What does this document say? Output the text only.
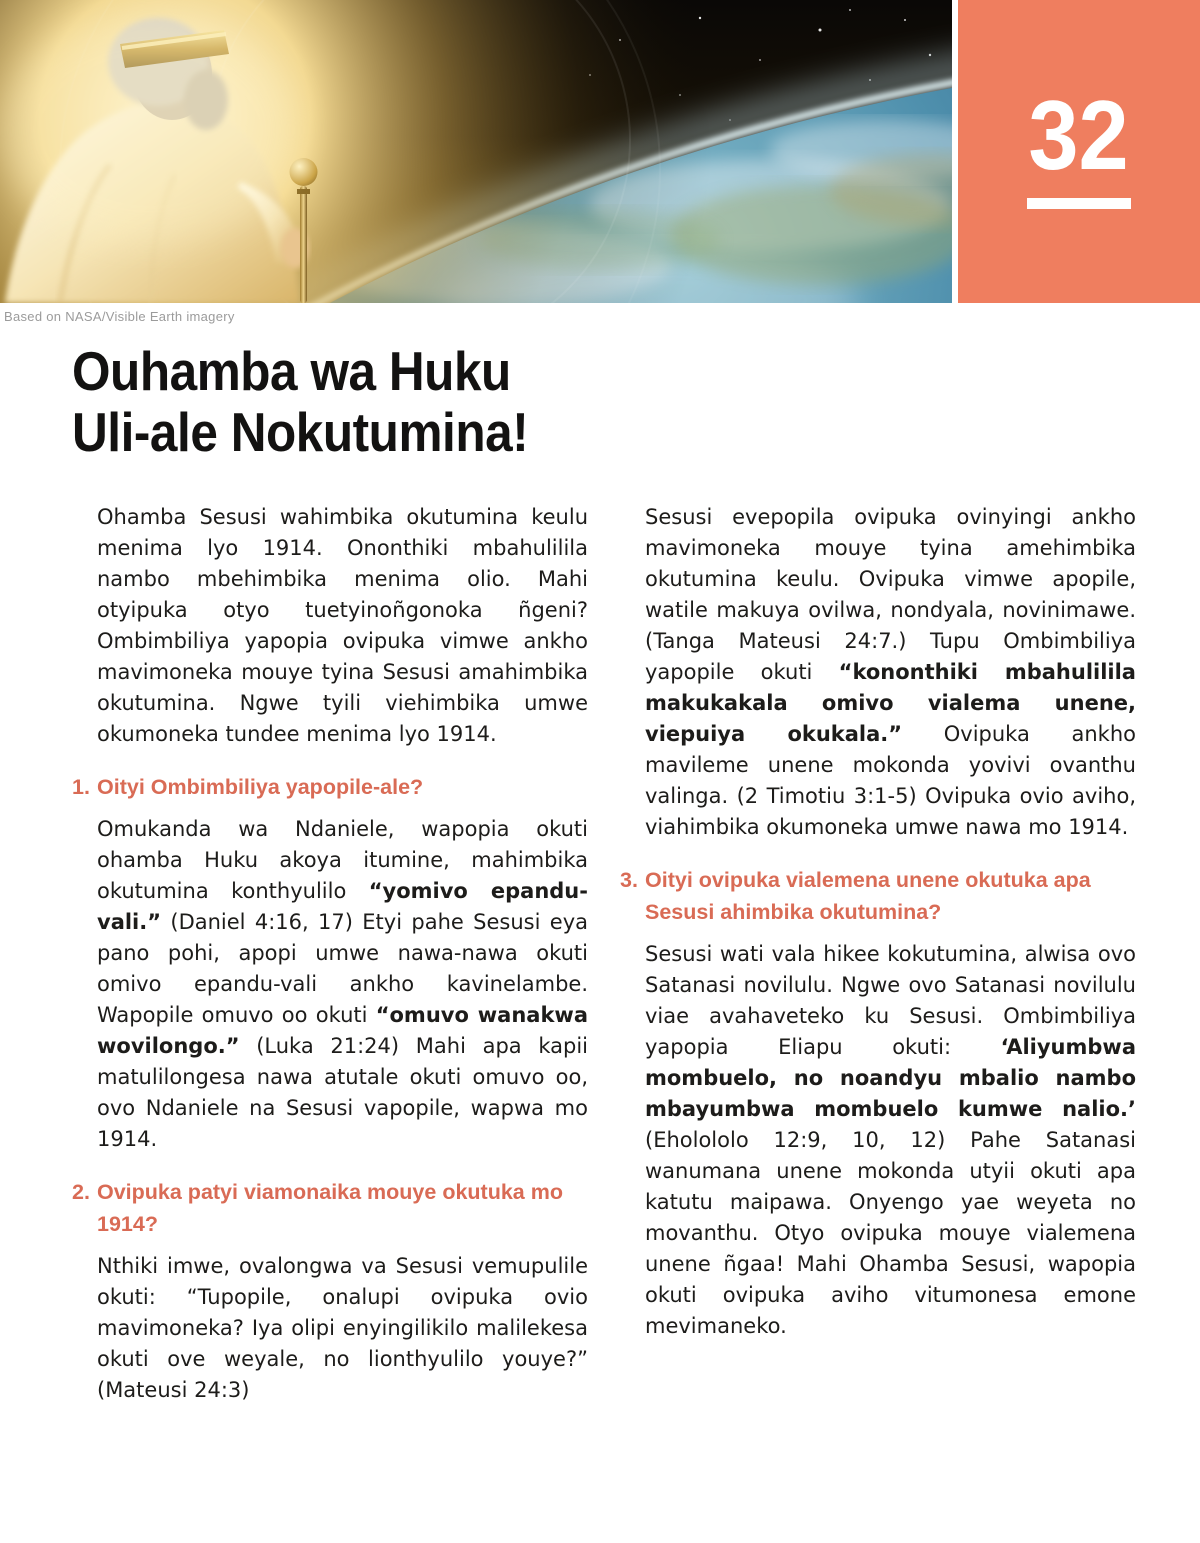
32
Based on NASA/Visible Earth imagery
Ouhamba wa Huku
Uli-ale Nokutumina!

Ohamba Sesusi wahimbika okutumina keulu menima lyo 1914. Ononthiki mbahulilila nambo mbehimbika menima olio. Mahi otyipuka otyo tuetyinoñgonoka ñgeni? Ombimbiliya yapopia ovipuka vimwe ankho mavimoneka mouye tyina Sesusi amahimbika okutumina. Ngwe tyili viehimbika umwe okumoneka tundee menima lyo 1914.

1. Oityi Ombimbiliya yapopile-ale?

Omukanda wa Ndaniele, wapopia okuti ohamba Huku akoya itumine, mahimbika okutumina konthyulilo “yomivo epandu-vali.” (Daniel 4:16, 17) Etyi pahe Sesusi eya pano pohi, apopi umwe nawa-nawa okuti omivo epandu-vali ankho kavinelambe. Wapopile omuvo oo okuti “omuvo wanakwa wovilongo.” (Luka 21:24) Mahi apa kapii matulilongesa nawa atutale okuti omuvo oo, ovo Ndaniele na Sesusi vapopile, wapwa mo 1914.

2. Ovipuka patyi viamonaika mouye okutuka mo 1914?

Nthiki imwe, ovalongwa va Sesusi vemupulile okuti: “Tupopile, onalupi ovipuka ovio mavimoneka? Iya olipi enyingilikilo malilekesa okuti ove weyale, no lionthyulilo youye?” (Mateusi 24:3)

Sesusi evepopila ovipuka ovinyingi ankho mavimoneka mouye tyina amehimbika okutumina keulu. Ovipuka vimwe apopile, watile makuya ovilwa, nondyala, novinimawe. (Tanga Mateusi 24:7.) Tupu Ombimbiliya yapopile okuti “kononthiki mbahulilila makukakala omivo vialema unene, viepuiya okukala.” Ovipuka ankho mavileme unene mokonda yovivi ovanthu valinga. (2 Timotiu 3:1-5) Ovipuka ovio aviho, viahimbika okumoneka umwe nawa mo 1914.

3. Oityi ovipuka vialemena unene okutuka apa Sesusi ahimbika okutumina?

Sesusi wati vala hikee kokutumina, alwisa ovo Satanasi novilulu. Ngwe ovo Satanasi novilulu viae avahaveteko ku Sesusi. Ombimbiliya yapopia Eliapu okuti: ‘Aliyumbwa mombuelo, no noandyu mbalio nambo mbayumbwa mombuelo kumwe nalio.’ (Eholololo 12:9, 10, 12) Pahe Satanasi wanumana unene mokonda utyii okuti apa katutu maipawa. Onyengo yae weyeta no movanthu. Otyo ovipuka mouye vialemena unene ñgaa! Mahi Ohamba Sesusi, wapopia okuti ovipuka aviho vitumonesa emone mevimaneko.
